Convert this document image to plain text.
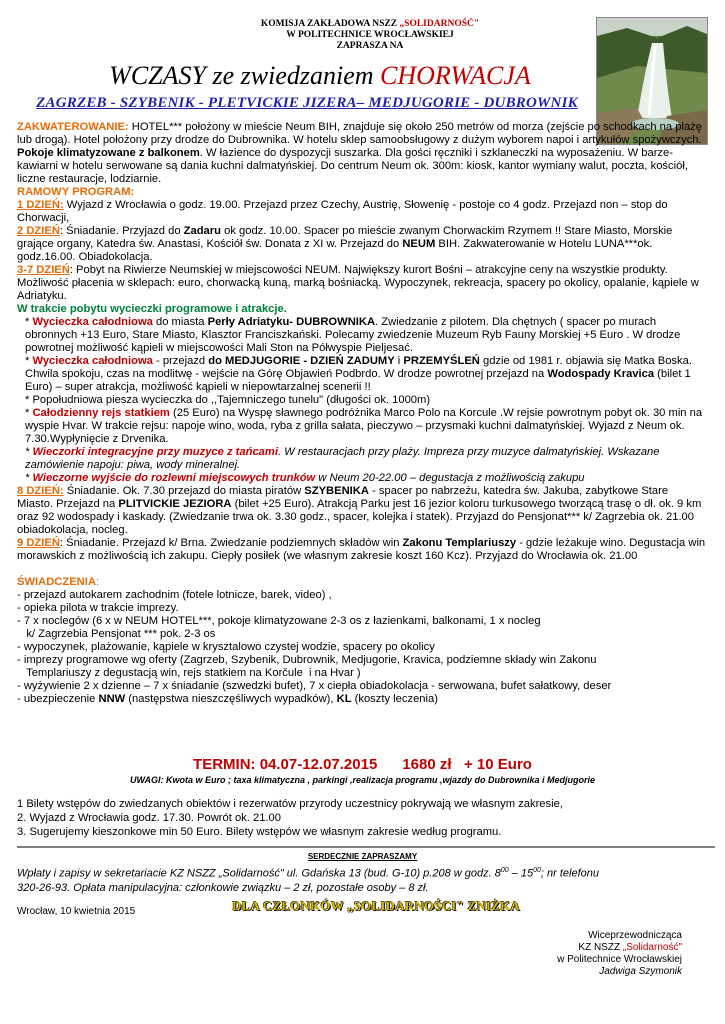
KOMISJA ZAKŁADOWA NSZZ „SOLIDARNOŚĆ"
W POLITECHNICE WROCŁAWSKIEJ
ZAPRASZA NA
WCZASY ze zwiedzaniem CHORWACJA
ZAGRZEB - SZYBENIK - PLETVICKIE JIZERA– MEDJUGORIE - DUBROWNIK

ZAKWATEROWANIE: HOTEL*** położony w mieście Neum BIH, znajduje się około 250 metrów od morza (zejście po schodkach na plażę lub drogą). Hotel położony przy drodze do Dubrownika. W hotelu sklep samoobsługowy z dużym wyborem napoi i artykułów spożywczych. Pokoje klimatyzowane z balkonem. W łazience do dyspozycji suszarka. Dla gości ręczniki i szklaneczki na wyposażeniu. W barze-kawiarni w hotelu serwowane są dania kuchni dalmatyńskiej. Do centrum Neum ok. 300m: kiosk, kantor wymiany walut, poczta, kościół, liczne restauracje, lodziarnie.

RAMOWY PROGRAM:

1 DZIEŃ: Wyjazd z Wrocławia o godz. 19.00. Przejazd przez Czechy, Austrię, Słowenię - postoje co 4 godz. Przejazd non – stop do Chorwacji,

2 DZIEŃ: Śniadanie. Przyjazd do Zadaru ok godz. 10.00. Spacer po mieście zwanym Chorwackim Rzymem !! Stare Miasto, Morskie grające organy, Katedra św. Anastasi, Kościół św. Donata z XI w. Przejazd do NEUM BIH. Zakwaterowanie w Hotelu LUNA***ok. godz.16.00. Obiadokolacja.

3-7 DZIEŃ: Pobyt na Riwierze Neumskiej w miejscowości NEUM. Największy kurort Bośni – atrakcyjne ceny na wszystkie produkty. Możliwość płacenia w sklepach: euro, chorwacką kuną, marką bośniacką. Wypoczynek, rekreacja, spacery po okolicy, opalanie, kąpiele w Adriatyku.

W trakcie pobytu wycieczki programowe i atrakcje.

* Wycieczka całodniowa do miasta Perły Adriatyku- DUBROWNIKA. Zwiedzanie z pilotem. Dla chętnych ( spacer po murach obronnych +13 Euro, Stare Miasto, Klasztor Franciszkański. Polecamy zwiedzenie Muzeum Ryb Fauny Morskiej +5 Euro . W drodze powrotnej możliwość kąpieli w miejscowości Mali Ston na Półwyspie Pieljesać.

* Wycieczka całodniowa - przejazd do MEDJUGORIE - DZIEŃ ZADUMY i PRZEMYŚLEŃ gdzie od 1981 r. objawia się Matka Boska. Chwila spokoju, czas na modlitwę - wejście na Górę Objawień Podbrdo. W drodze powrotnej przejazd na Wodospady Kravica (bilet 1 Euro) – super atrakcja, możliwość kąpieli w niepowtarzalnej scenerii !!

* Popołudniowa piesza wycieczka do ,,Tajemniczego tunelu" (długości ok. 1000m)

* Całodzienny rejs statkiem (25 Euro) na Wyspę sławnego podróżnika Marco Polo na Korcule .W rejsie powrotnym pobyt ok. 30 min na wyspie Hvar. W trakcie rejsu: napoje wino, woda, ryba z grilla sałata, pieczywo – przysmaki kuchni dalmatyńskiej. Wyjazd z Neum ok. 7.30.Wypłynięcie z Drvenika.

* Wieczorki integracyjne przy muzyce z tańcami. W restauracjach przy plaży. Impreza przy muzyce dalmatyńskiej. Wskazane zamówienie napoju: piwa, wody mineralnej.

* Wieczorne wyjście do rozlewni miejscowych trunków w Neum 20-22.00 – degustacja z możliwością zakupu

8 DZIEŃ: Śniadanie. Ok. 7.30 przejazd do miasta piratów SZYBENIKA - spacer po nabrzeżu, katedra św. Jakuba, zabytkowe Stare Miasto. Przejazd na PLITVICKIE JEZIORA (bilet +25 Euro). Atrakcją Parku jest 16 jezior koloru turkusowego tworzącą trasę o dł. ok. 9 km oraz 92 wodospady i kaskady. (Zwiedzanie trwa ok. 3.30 godz., spacer, kolejka i statek). Przyjazd do Pensjonat*** k/ Zagrzebia ok. 21.00 obiadokolacja, nocleg.

9 DZIEŃ: Śniadanie. Przejazd k/ Brna. Zwiedzanie podziemnych składów win Zakonu Templariuszy - gdzie leżakuje wino. Degustacja win morawskich z możliwością ich zakupu. Ciepły posiłek (we własnym zakresie koszt 160 Kcz). Przyjazd do Wrocławia ok. 21.00

ŚWIADCZENIA:

- przejazd autokarem zachodnim (fotele lotnicze, barek, video) ,

- opieka pilota w trakcie imprezy.

- 7 x noclegów (6 x w NEUM HOTEL***, pokoje klimatyzowane 2-3 os z łazienkami, balkonami, 1 x nocleg

k/ Zagrzebia Pensjonat *** pok. 2-3 os

- wypoczynek, plażowanie, kąpiele w krysztalowo czystej wodzie, spacery po okolicy

- imprezy programowe wg oferty (Zagrzeb, Szybenik, Dubrownik, Medjugorie, Kravica, podziemne składy win Zakonu

Templariuszy z degustacją win, rejs statkiem na Korčule  i na Hvar )

- wyżywienie 2 x dzienne – 7 x śniadanie (szwedzki bufet), 7 x ciepła obiadokolacja - serwowana, bufet sałatkowy, deser

- ubezpieczenie NNW (następstwa nieszczęśliwych wypadków), KL (koszty leczenia)

TERMIN: 04.07-12.07.2015      1680 zł   + 10 Euro
UWAGI: Kwota w Euro ; taxa klimatyczna , parkingi ,realizacja programu ,wjazdy do Dubrownika i Medjugorie
1 Bilety wstępów do zwiedzanych obiektów i rezerwatów przyrody uczestnicy pokrywają we własnym zakresie,
2. Wyjazd z Wrocławia godz. 17.30. Powrót ok. 21.00
3. Sugerujemy kieszonkowe min 50 Euro. Bilety wstępów we własnym zakresie według programu.
SERDECZNIE ZAPRASZAMY
Wpłaty i zapisy w sekretariacie KZ NSZZ „Solidarność" ul. Gdańska 13 (bud. G-10) p.208 w godz. $8^{00} - 15^{00}$; nr telefonu
320-26-93. Opłata manipulacyjna: członkowie związku – 2 zł, pozostałe osoby – 8 zł.
Wrocław, 10 kwietnia 2015	DLA CZŁONKÓW „SOLIDARNOŚCI" ZNIŻKA
Wiceprzewodnicząca
KZ NSZZ „Solidarność"
w Politechnice Wrocławskiej
Jadwiga Szymonik
